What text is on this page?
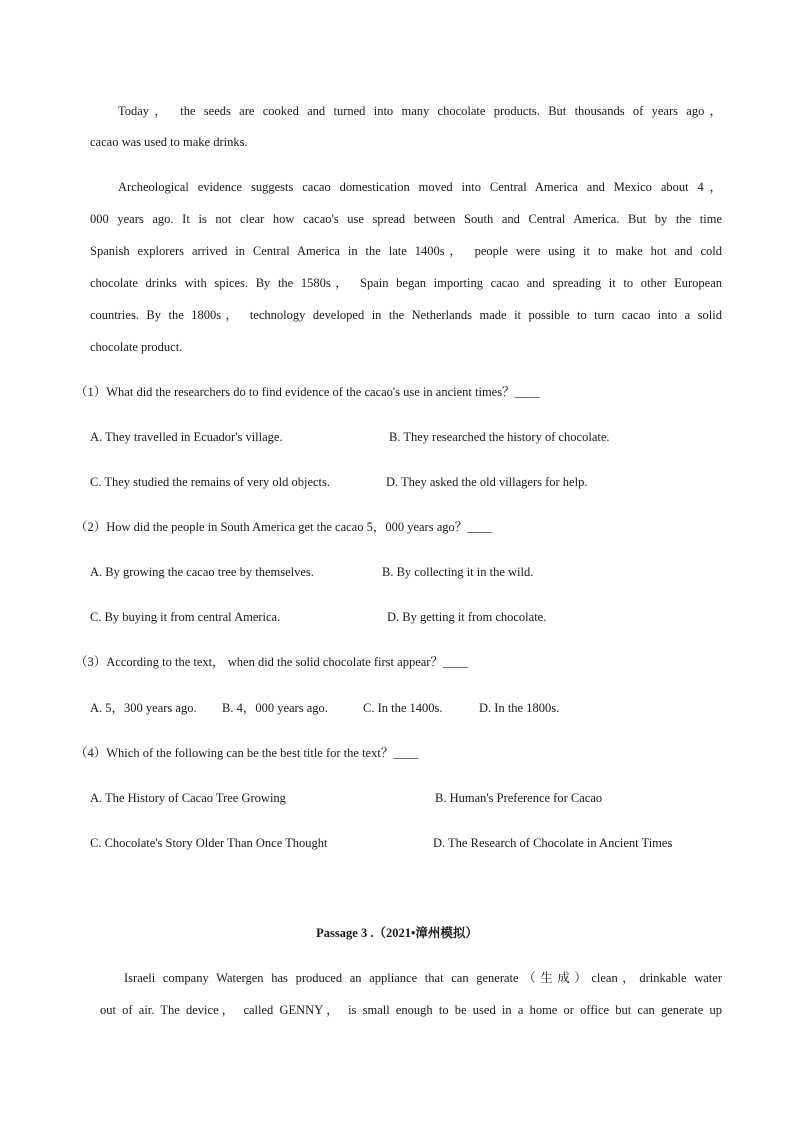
Today， the seeds are cooked and turned into many chocolate products. But thousands of years ago，

cacao was used to make drinks.

Archeological evidence suggests cacao domestication moved into Central America and Mexico about 4，

000 years ago. It is not clear how cacao's use spread between South and Central America. But by the time

Spanish explorers arrived in Central America in the late 1400s， people were using it to make hot and cold

chocolate drinks with spices. By the 1580s， Spain began importing cacao and spreading it to other European

countries. By the 1800s， technology developed in the Netherlands made it possible to turn cacao into a solid

chocolate product.

（1）What did the researchers do to find evidence of the cacao's use in ancient times？____

A. They travelled in Ecuador's village.	B. They researched the history of chocolate.

C. They studied the remains of very old objects.	D. They asked the old villagers for help.

（2）How did the people in South America get the cacao 5，000 years ago？____

A. By growing the cacao tree by themselves.	B. By collecting it in the wild.

C. By buying it from central America.	D. By getting it from chocolate.

（3）According to the text， when did the solid chocolate first appear？____

A. 5，300 years ago. B. 4，000 years ago.	C. In the 1400s.	D. In the 1800s.

（4）Which of the following can be the best title for the text？____

A. The History of Cacao Tree Growing	B. Human's Preference for Cacao

C. Chocolate's Story Older Than Once Thought	D. The Research of Chocolate in Ancient Times

Passage 3 .（2021•漳州模拟）

Israeli company Watergen has produced an appliance that can generate（生成）clean，drinkable water

out of air. The device， called GENNY， is small enough to be used in a home or office but can generate up
